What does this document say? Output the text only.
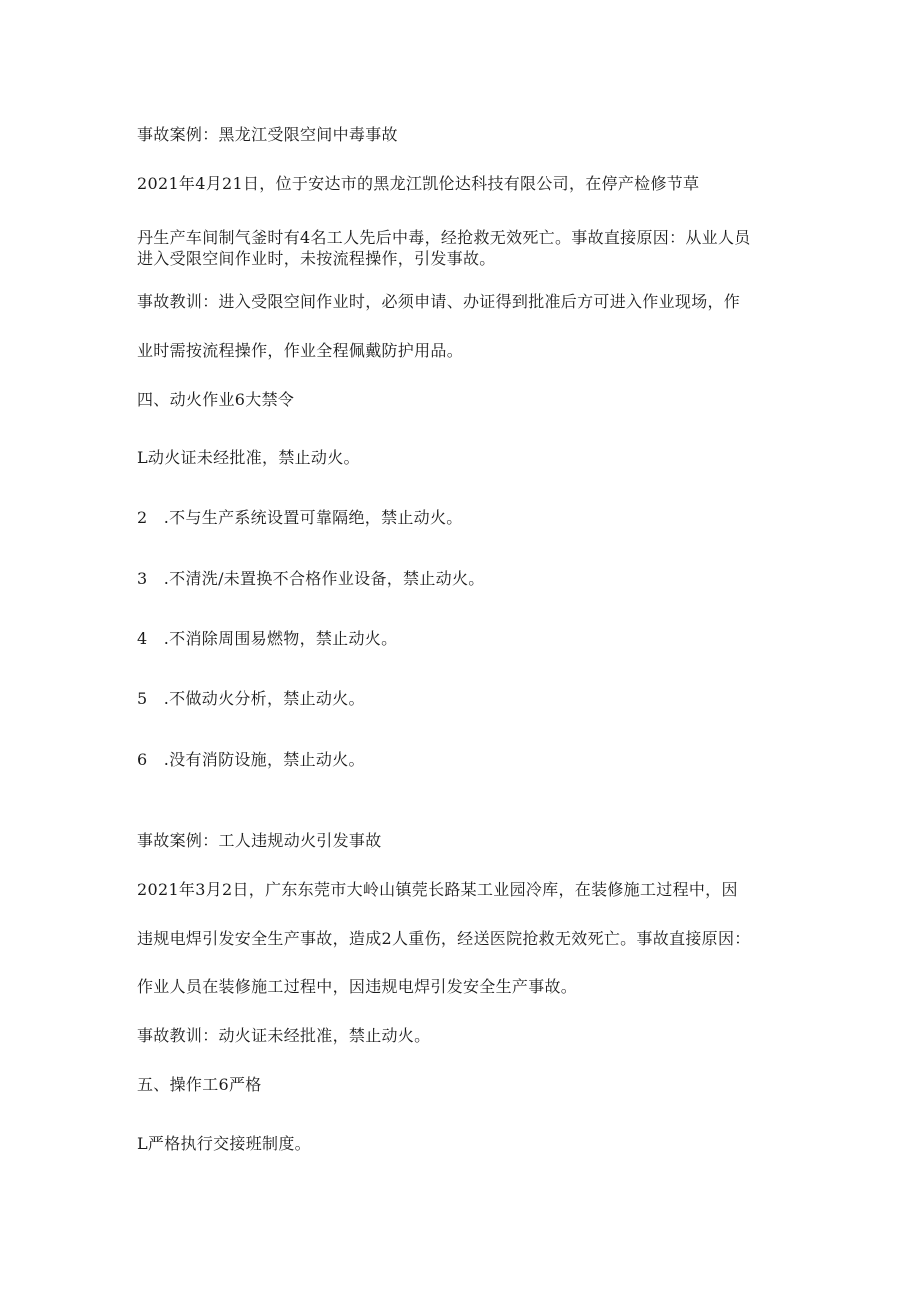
事故案例：黑龙江受限空间中毒事故
2021年4月21日，位于安达市的黑龙江凯伦达科技有限公司，在停产检修节草
丹生产车间制气釜时有4名工人先后中毒，经抢救无效死亡。事故直接原因：从业人员
进入受限空间作业时，未按流程操作，引发事故。
事故教训：进入受限空间作业时，必须申请、办证得到批准后方可进入作业现场，作
业时需按流程操作，作业全程佩戴防护用品。
四、动火作业6大禁令
L动火证未经批准，禁止动火。
2　.不与生产系统设置可靠隔绝，禁止动火。
3　.不清洗/未置换不合格作业设备，禁止动火。
4　.不消除周围易燃物，禁止动火。
5　.不做动火分析，禁止动火。
6　.没有消防设施，禁止动火。
事故案例：工人违规动火引发事故
2021年3月2日，广东东莞市大岭山镇莞长路某工业园冷库，在装修施工过程中，因
违规电焊引发安全生产事故，造成2人重伤，经送医院抢救无效死亡。事故直接原因：
作业人员在装修施工过程中，因违规电焊引发安全生产事故。
事故教训：动火证未经批准，禁止动火。
五、操作工6严格
L严格执行交接班制度。
